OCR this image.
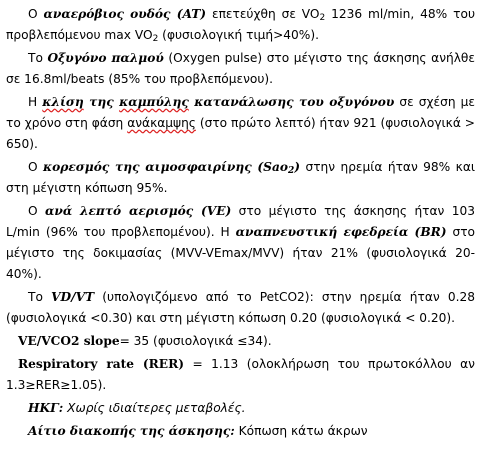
Ο αναερόβιος ουδός (AT) επετεύχθη σε $VO_2$ 1236 ml/min, 48% του προβλεπόμενου $\max VO_2$ (φυσιολογική τιμή>40%).

Το Οξυγόνο παλμού (Oxygen pulse) στο μέγιστο της άσκησης ανήλθε σε 16.8ml/beats (85% του προβλεπόμενου).

Η κλίση της καμπύλης κατανάλωσης του οξυγόνου σε σχέση με το χρόνο στη φάση ανάκαμψης (στο πρώτο λεπτό) ήταν 921 (φυσιολογικά > 650).

Ο κορεσμός της αιμοσφαιρίνης (Sao$_2$) στην ηρεμία ήταν 98% και στη μέγιστη κόπωση 95%.

Ο ανά λεπτό αερισμός (VE) στο μέγιστο της άσκησης ήταν 103 L/min (96% του προβλεπομένου). Η αναπνευστική εφεδρεία (BR) στο μέγιστο της δοκιμασίας (MVV-VEmax/MVV) ήταν 21% (φυσιολογικά 20-40%).

Το VD/VT (υπολογιζόμενο από το PetCO2): στην ηρεμία ήταν 0.28 (φυσιολογικά <0.30) και στη μέγιστη κόπωση 0.20 (φυσιολογικά < 0.20).

VE/VCO2 slope= 35 (φυσιολογικά ≤34).

Respiratory rate (RER) = 1.13 (ολοκλήρωση του πρωτοκόλλου αν 1.3≥RER≥1.05).

ΗΚΓ: Χωρίς ιδιαίτερες μεταβολές.

Αίτιο διακοπής της άσκησης: Κόπωση κάτω άκρων
